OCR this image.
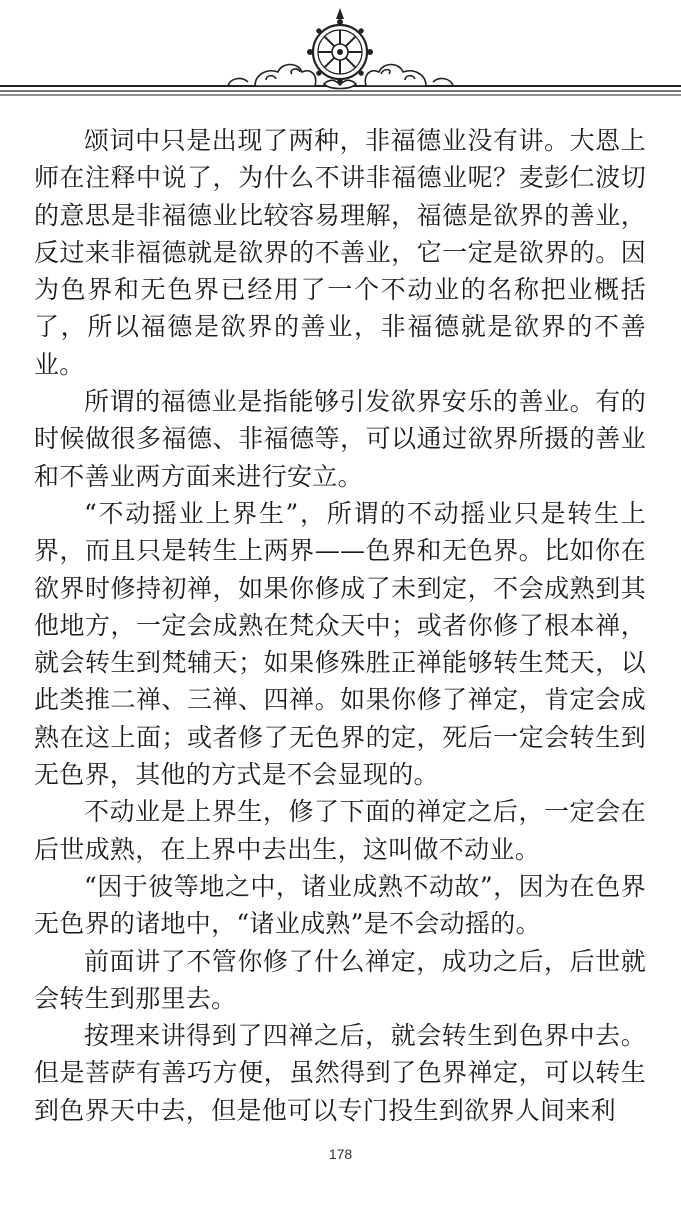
颂词中只是出现了两种，非福德业没有讲。大恩上师在注释中说了，为什么不讲非福德业呢？麦彭仁波切的意思是非福德业比较容易理解，福德是欲界的善业，反过来非福德就是欲界的不善业，它一定是欲界的。因为色界和无色界已经用了一个不动业的名称把业概括了，所以福德是欲界的善业，非福德就是欲界的不善业。

所谓的福德业是指能够引发欲界安乐的善业。有的时候做很多福德、非福德等，可以通过欲界所摄的善业和不善业两方面来进行安立。

“不动摇业上界生”，所谓的不动摇业只是转生上界，而且只是转生上两界——色界和无色界。比如你在欲界时修持初禅，如果你修成了未到定，不会成熟到其他地方，一定会成熟在梵众天中；或者你修了根本禅，就会转生到梵辅天；如果修殊胜正禅能够转生梵天，以此类推二禅、三禅、四禅。如果你修了禅定，肯定会成熟在这上面；或者修了无色界的定，死后一定会转生到无色界，其他的方式是不会显现的。

不动业是上界生，修了下面的禅定之后，一定会在后世成熟，在上界中去出生，这叫做不动业。

“因于彼等地之中，诸业成熟不动故”，因为在色界无色界的诸地中，“诸业成熟”是不会动摇的。

前面讲了不管你修了什么禅定，成功之后，后世就会转生到那里去。

按理来讲得到了四禅之后，就会转生到色界中去。但是菩萨有善巧方便，虽然得到了色界禅定，可以转生到色界天中去，但是他可以专门投生到欲界人间来利

178
